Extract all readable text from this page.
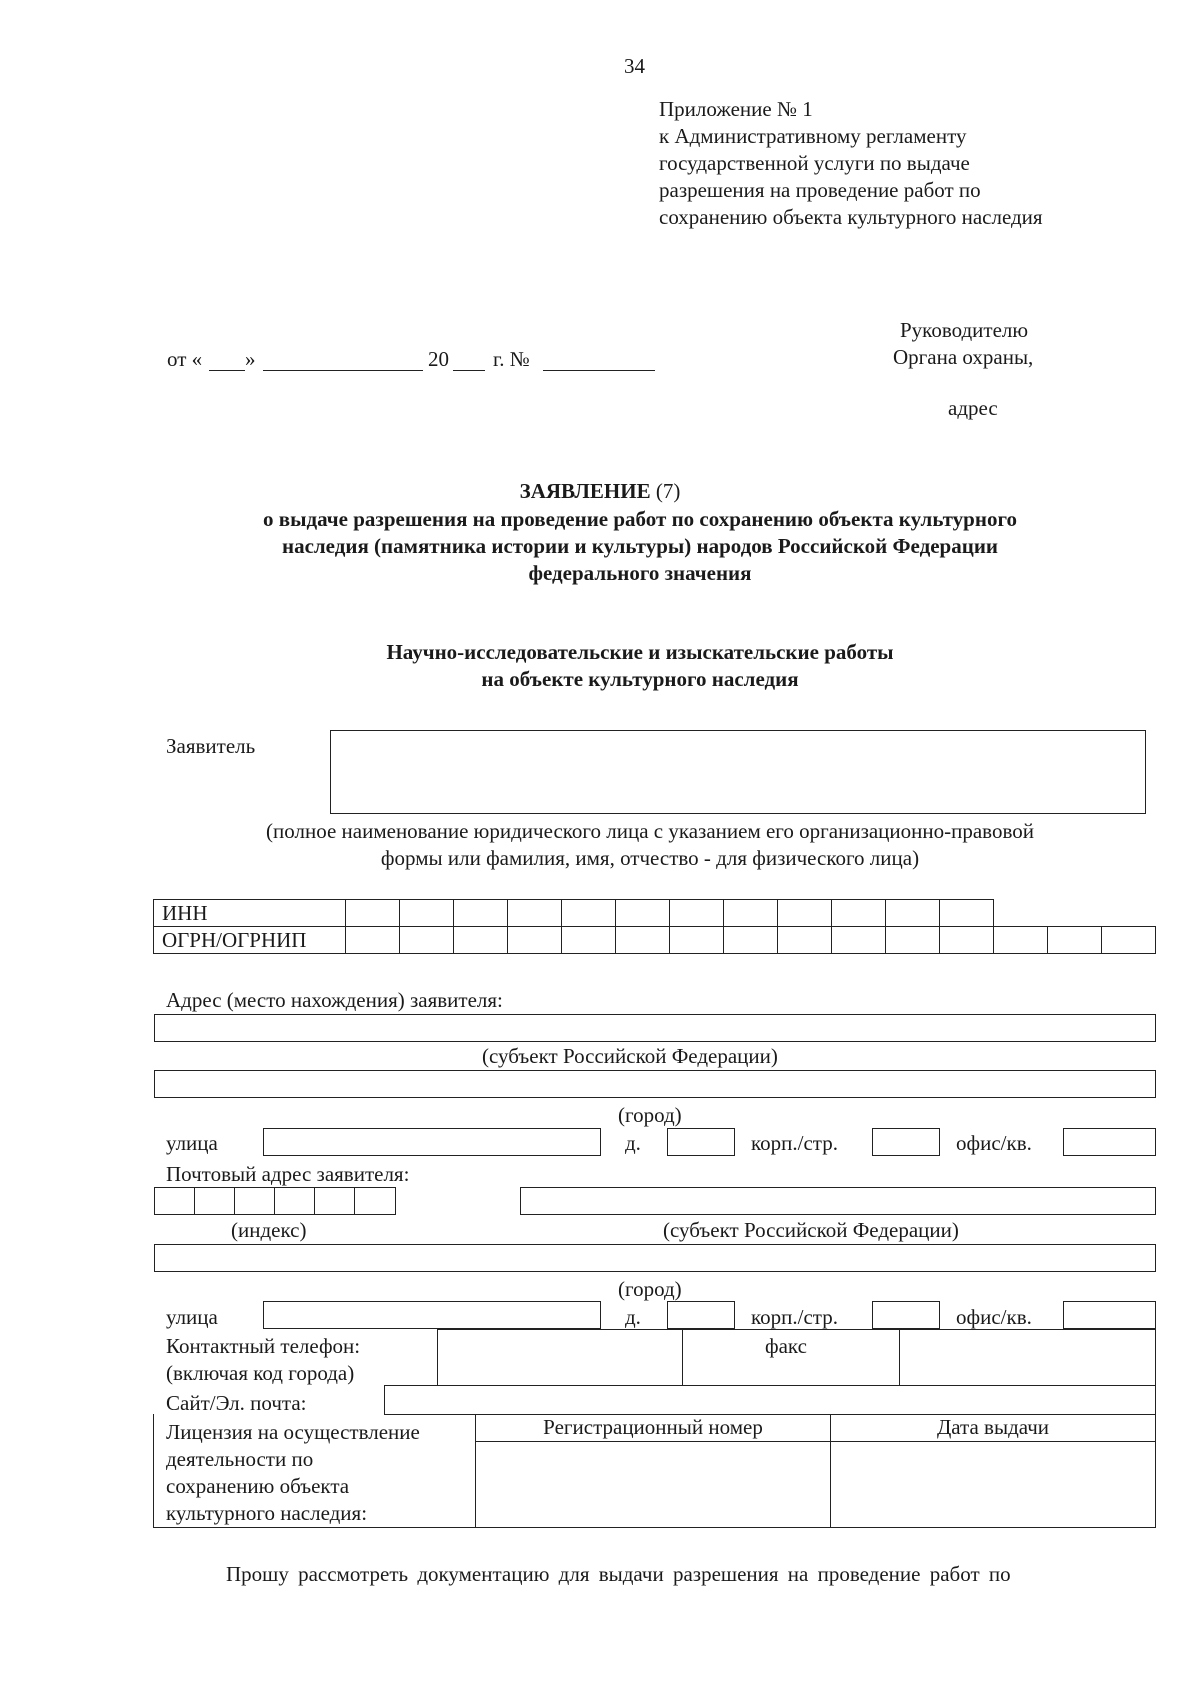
34
Приложение № 1
к Административному регламенту
государственной услуги по выдаче
разрешения на проведение работ по
сохранению объекта культурного наследия
Руководителю
Органа охраны,
адрес
от « »	20 г. №
ЗАЯВЛЕНИЕ (7)
о выдаче разрешения на проведение работ по сохранению объекта культурного
наследия (памятника истории и культуры) народов Российской Федерации
федерального значения
Научно-исследовательские и изыскательские работы
на объекте культурного наследия
Заявитель
(полное наименование юридического лица с указанием его организационно-правовой
формы или фамилия, имя, отчество - для физического лица)
ИНН															
ОГРН/ОГРНИП															
Адрес (место нахождения) заявителя:
(субъект Российской Федерации)
(город)
улица	д.	корп./стр.	офис/кв.
Почтовый адрес заявителя:
(индекс)	(субъект Российской Федерации)
(город)
улица	д.	корп./стр.	офис/кв.
Контактный телефон:
(включая код города)
факс
Сайт/Эл. почта:
Лицензия на осуществление
деятельности по
сохранению объекта
культурного наследия:
Регистрационный номер	Дата выдачи
Прошу рассмотреть документацию для выдачи разрешения на проведение работ по
